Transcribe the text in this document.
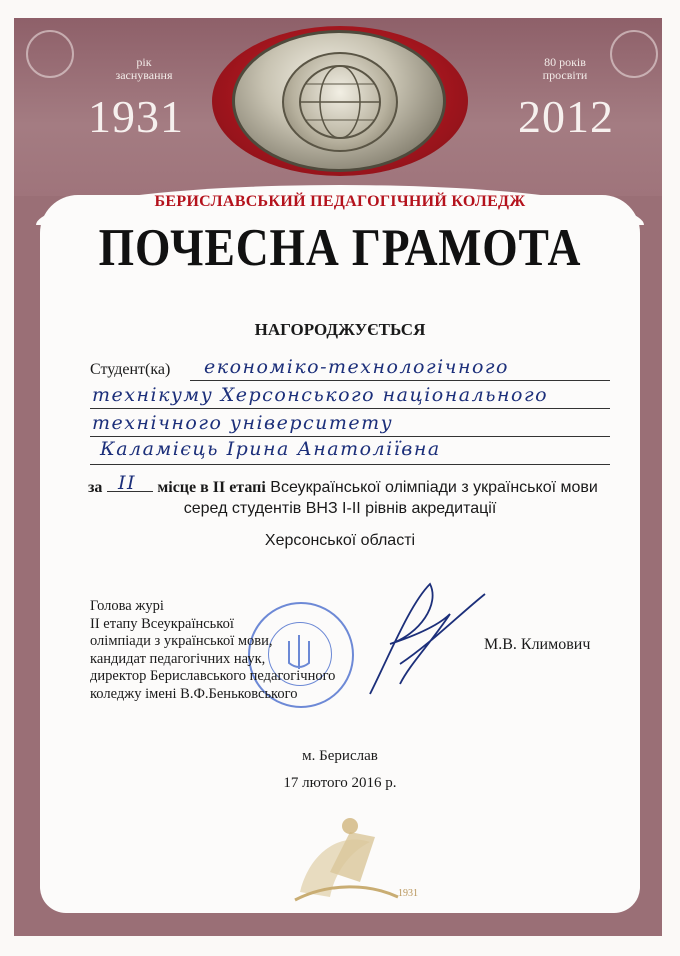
рік
заснування
1931
80 років
просвіти
2012
БЕРИСЛАВСЬКИЙ ПЕДАГОГІЧНИЙ КОЛЕДЖ
ПОЧЕСНА ГРАМОТА
НАГОРОДЖУЄТЬСЯ
Студент(ка) економіко-технологічного
технікуму Херсонського національного
технічного університету
Каламієць Ірина Анатоліївна
за	місце в ІІ етапі Всеукраїнської олімпіади з української мови
II
серед студентів ВНЗ І-ІІ рівнів акредитації
Херсонської області
Голова журі
ІІ етапу Всеукраїнської
олімпіади з української мови,
кандидат педагогічних наук,
директор Бериславського педагогічного
коледжу імені В.Ф.Беньковського
М.В. Климович
м. Берислав
17 лютого 2016 р.
1931
